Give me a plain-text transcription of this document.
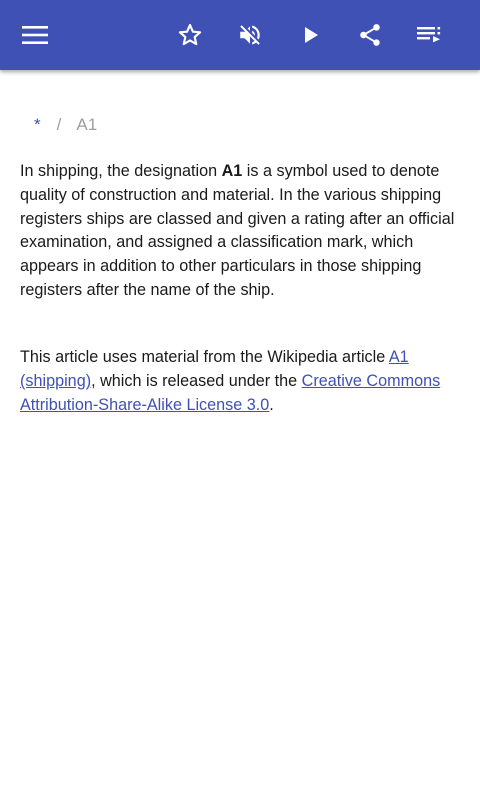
* / A1

In shipping, the designation A1 is a symbol used to denote quality of construction and material. In the various shipping registers ships are classed and given a rating after an official examination, and assigned a classification mark, which appears in addition to other particulars in those shipping registers after the name of the ship.

This article uses material from the Wikipedia article A1 (shipping), which is released under the Creative Commons Attribution-Share-Alike License 3.0.
